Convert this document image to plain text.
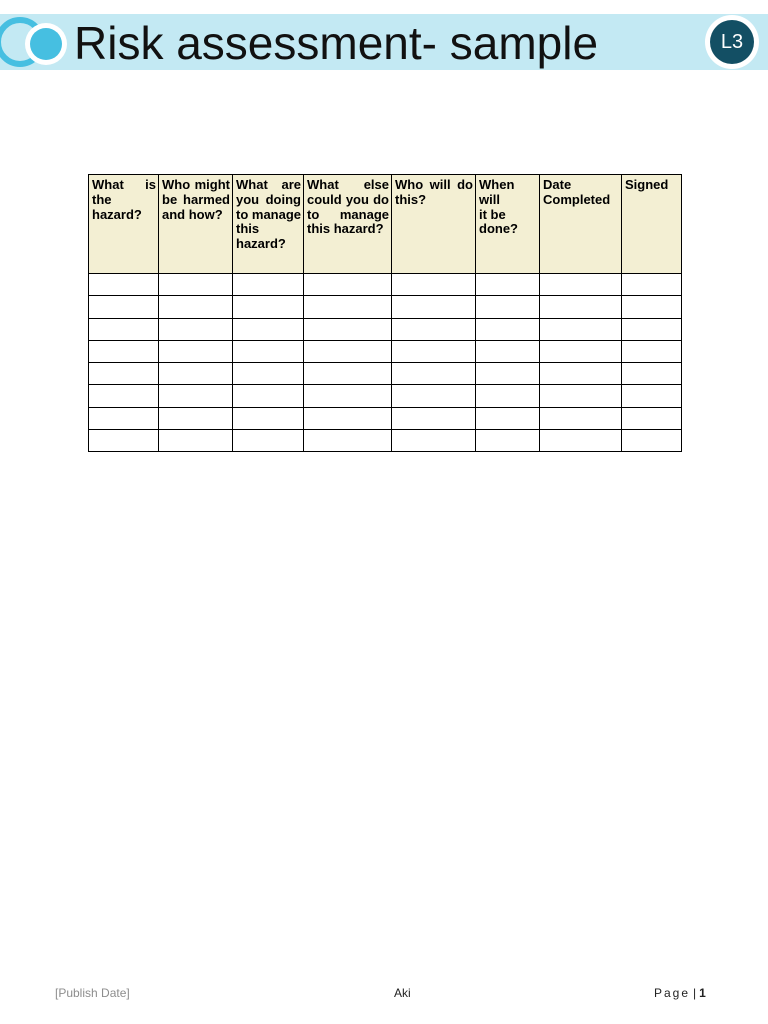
Risk assessment- sample	L3
What is the hazard?	Who might be harmed and how?	What are you doing to manage this hazard?	What else could you do to manage this hazard?	Who will do this?	When will it be done?	Date Completed	Signed

[Publish Date]	Aki	Page | 1
